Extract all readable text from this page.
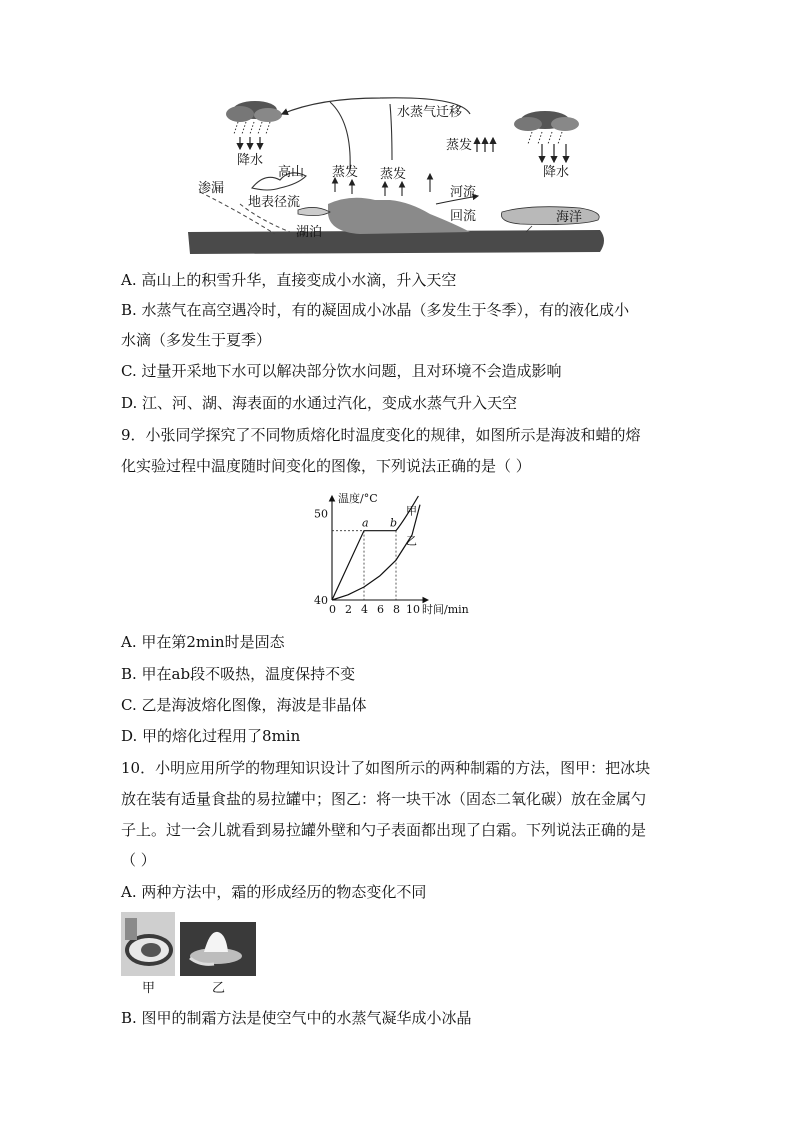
水蒸气迁移
降水
降水
高山
渗漏
地表径流
蒸发 蒸发
蒸发
河流
回流
湖泊
海洋
A. 高山上的积雪升华，直接变成小水滴，升入天空
B. 水蒸气在高空遇冷时，有的凝固成小冰晶（多发生于冬季），有的液化成小
水滴（多发生于夏季）
C. 过量开采地下水可以解决部分饮水问题，且对环境不会造成影响
D. 江、河、湖、海表面的水通过汽化，变成水蒸气升入天空
9．小张同学探究了不同物质熔化时温度变化的规律，如图所示是海波和蜡的熔
化实验过程中温度随时间变化的图像，下列说法正确的是（ ）
0 2 4 6 8 10
40
50
温度/°C
时间/min
a b
甲
乙
A. 甲在第2min时是固态
B. 甲在ab段不吸热，温度保持不变
C. 乙是海波熔化图像，海波是非晶体
D. 甲的熔化过程用了8min
10．小明应用所学的物理知识设计了如图所示的两种制霜的方法，图甲：把冰块
放在装有适量食盐的易拉罐中；图乙：将一块干冰（固态二氧化碳）放在金属勺
子上。过一会儿就看到易拉罐外壁和勺子表面都出现了白霜。下列说法正确的是
（ ）
A. 两种方法中，霜的形成经历的物态变化不同
甲	乙
B. 图甲的制霜方法是使空气中的水蒸气凝华成小冰晶
